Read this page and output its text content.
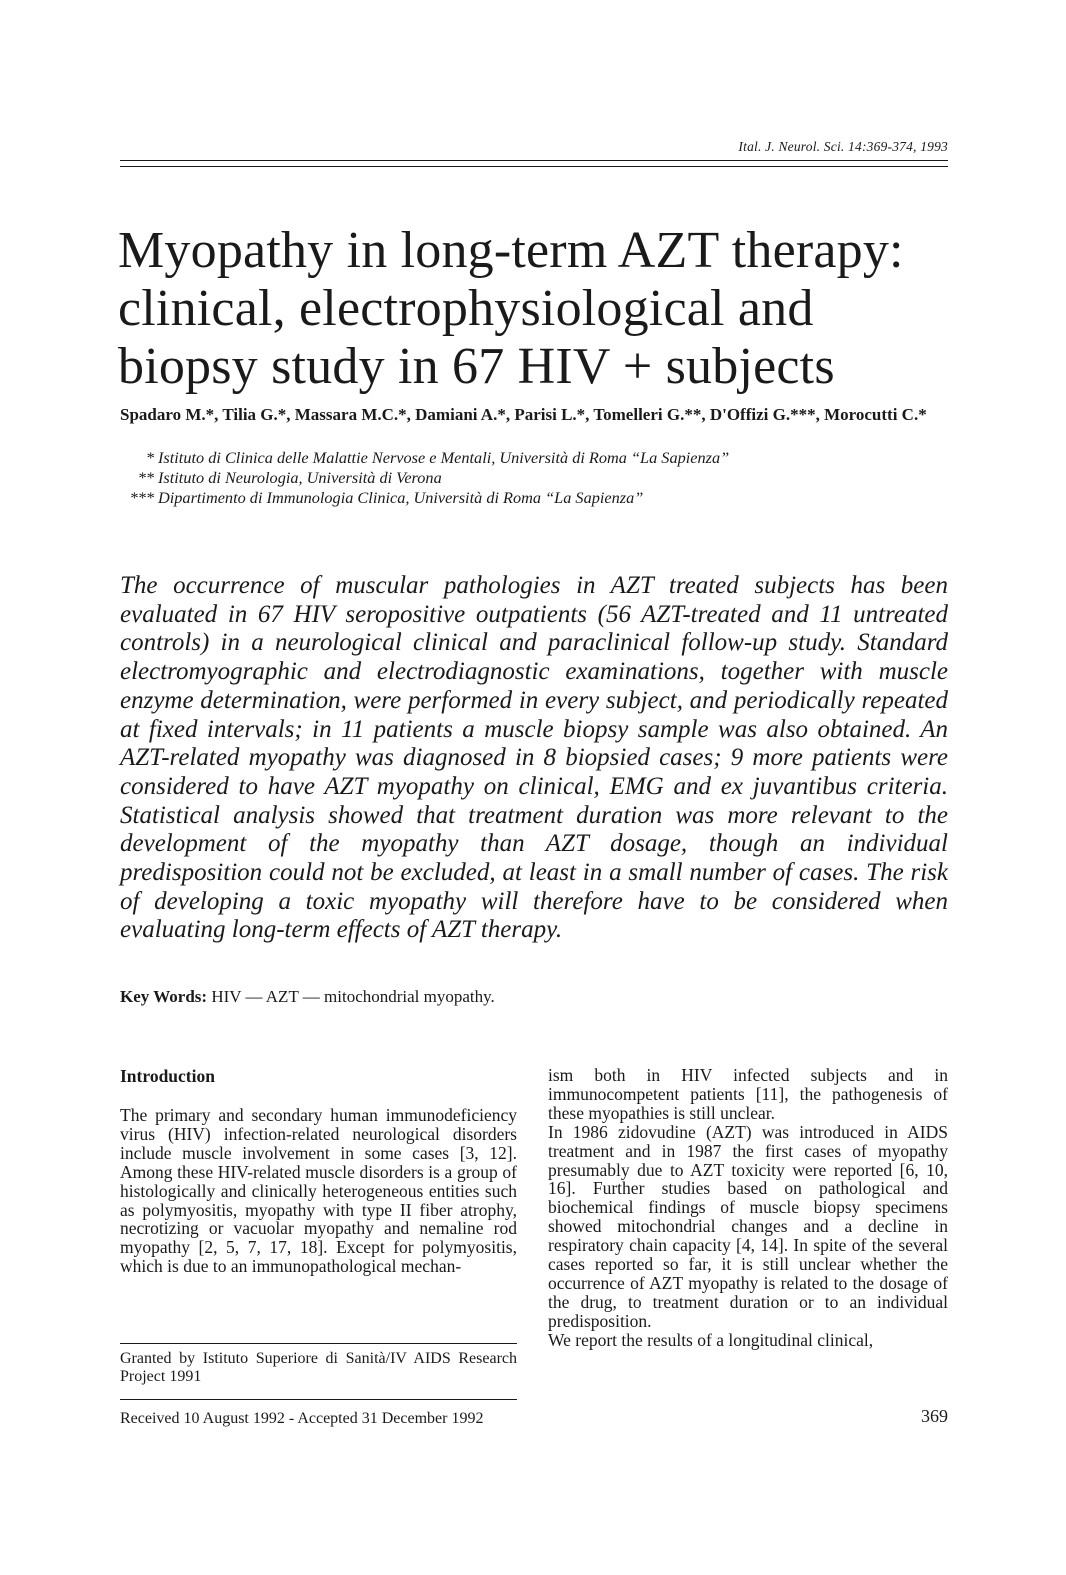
Ital. J. Neurol. Sci. 14:369-374, 1993
Myopathy in long-term AZT therapy: clinical, electrophysiological and biopsy study in 67 HIV + subjects
Spadaro M.*, Tilia G.*, Massara M.C.*, Damiani A.*, Parisi L.*, Tomelleri G.**, D'Offizi G.***, Morocutti C.*
* Istituto di Clinica delle Malattie Nervose e Mentali, Università di Roma “La Sapienza”
** Istituto di Neurologia, Università di Verona
*** Dipartimento di Immunologia Clinica, Università di Roma “La Sapienza”

The occurrence of muscular pathologies in AZT treated subjects has been evaluated in 67 HIV seropositive outpatients (56 AZT-treated and 11 untreated controls) in a neurological clinical and paraclinical follow-up study. Standard electromyographic and electrodiagnostic examinations, together with muscle enzyme determination, were performed in every subject, and periodically repeated at fixed intervals; in 11 patients a muscle biopsy sample was also obtained. An AZT-related myopathy was diagnosed in 8 biopsied cases; 9 more patients were considered to have AZT myopathy on clinical, EMG and ex juvantibus criteria. Statistical analysis showed that treatment duration was more relevant to the development of the myopathy than AZT dosage, though an individual predisposition could not be excluded, at least in a small number of cases. The risk of developing a toxic myopathy will therefore have to be considered when evaluating long-term effects of AZT therapy.

Key Words: HIV — AZT — mitochondrial myopathy.
Introduction

The primary and secondary human immunodeficiency virus (HIV) infection-related neurological disorders include muscle involvement in some cases [3, 12]. Among these HIV-related muscle disorders is a group of histologically and clinically heterogeneous entities such as polymyositis, myopathy with type II fiber atrophy, necrotizing or vacuolar myopathy and nemaline rod myopathy [2, 5, 7, 17, 18]. Except for polymyositis, which is due to an immunopathological mechan-

ism both in HIV infected subjects and in immunocompetent patients [11], the pathogenesis of these myopathies is still unclear.

In 1986 zidovudine (AZT) was introduced in AIDS treatment and in 1987 the first cases of myopathy presumably due to AZT toxicity were reported [6, 10, 16]. Further studies based on pathological and biochemical findings of muscle biopsy specimens showed mitochondrial changes and a decline in respiratory chain capacity [4, 14]. In spite of the several cases reported so far, it is still unclear whether the occurrence of AZT myopathy is related to the dosage of the drug, to treatment duration or to an individual predisposition.

We report the results of a longitudinal clinical,

Granted by Istituto Superiore di Sanità/IV AIDS Research Project 1991
Received 10 August 1992 - Accepted 31 December 1992	369
